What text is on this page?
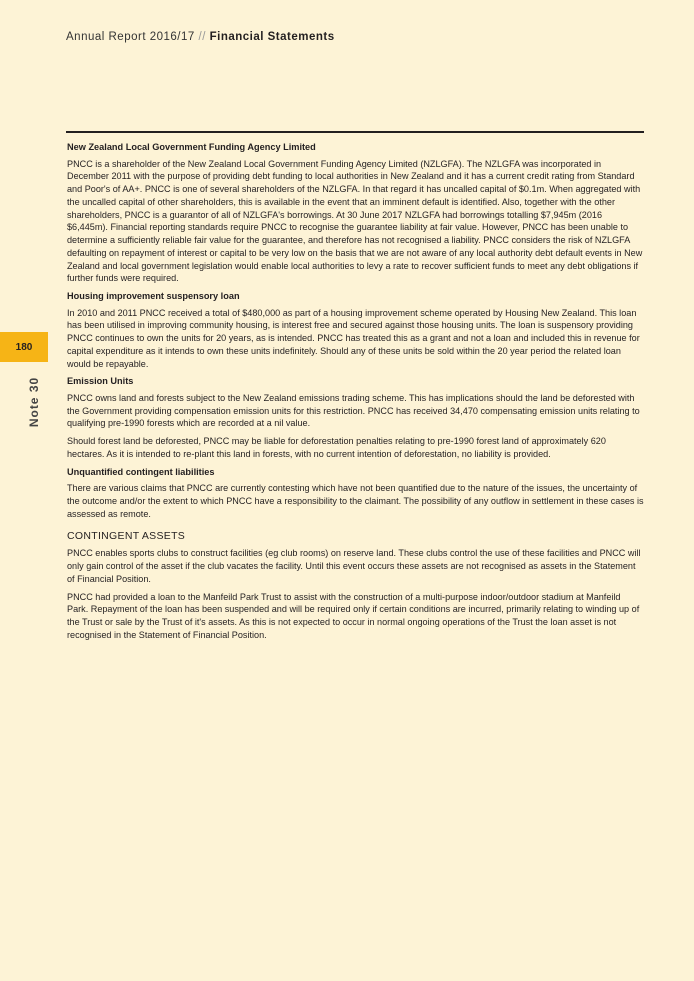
Annual Report 2016/17 // Financial Statements
180
Note 30
New Zealand Local Government Funding Agency Limited

PNCC is a shareholder of the New Zealand Local Government Funding Agency Limited (NZLGFA). The NZLGFA was incorporated in December 2011 with the purpose of providing debt funding to local authorities in New Zealand and it has a current credit rating from Standard and Poor's of AA+. PNCC is one of several shareholders of the NZLGFA. In that regard it has uncalled capital of $0.1m. When aggregated with the uncalled capital of other shareholders, this is available in the event that an imminent default is identified. Also, together with the other shareholders, PNCC is a guarantor of all of NZLGFA's borrowings. At 30 June 2017 NZLGFA had borrowings totalling $7,945m (2016 $6,445m). Financial reporting standards require PNCC to recognise the guarantee liability at fair value. However, PNCC has been unable to determine a sufficiently reliable fair value for the guarantee, and therefore has not recognised a liability. PNCC considers the risk of NZLGFA defaulting on repayment of interest or capital to be very low on the basis that we are not aware of any local authority debt default events in New Zealand and local government legislation would enable local authorities to levy a rate to recover sufficient funds to meet any debt obligations if further funds were required.

Housing improvement suspensory loan

In 2010 and 2011 PNCC received a total of $480,000 as part of a housing improvement scheme operated by Housing New Zealand. This loan has been utilised in improving community housing, is interest free and secured against those housing units. The loan is suspensory providing PNCC continues to own the units for 20 years, as is intended. PNCC has treated this as a grant and not a loan and included this in revenue for capital expenditure as it intends to own these units indefinitely. Should any of these units be sold within the 20 year period the related loan would be repayable.

Emission Units

PNCC owns land and forests subject to the New Zealand emissions trading scheme. This has implications should the land be deforested with the Government providing compensation emission units for this restriction. PNCC has received 34,470 compensating emission units relating to qualifying pre-1990 forests which are recorded at a nil value.

Should forest land be deforested, PNCC may be liable for deforestation penalties relating to pre-1990 forest land of approximately 620 hectares. As it is intended to re-plant this land in forests, with no current intention of deforestation, no liability is provided.

Unquantified contingent liabilities

There are various claims that PNCC are currently contesting which have not been quantified due to the nature of the issues, the uncertainty of the outcome and/or the extent to which PNCC have a responsibility to the claimant. The possibility of any outflow in settlement in these cases is assessed as remote.

CONTINGENT ASSETS

PNCC enables sports clubs to construct facilities (eg club rooms) on reserve land. These clubs control the use of these facilities and PNCC will only gain control of the asset if the club vacates the facility. Until this event occurs these assets are not recognised as assets in the Statement of Financial Position.

PNCC had provided a loan to the Manfeild Park Trust to assist with the construction of a multi-purpose indoor/outdoor stadium at Manfeild Park. Repayment of the loan has been suspended and will be required only if certain conditions are incurred, primarily relating to winding up of the Trust or sale by the Trust of it's assets. As this is not expected to occur in normal ongoing operations of the Trust the loan asset is not recognised in the Statement of Financial Position.
